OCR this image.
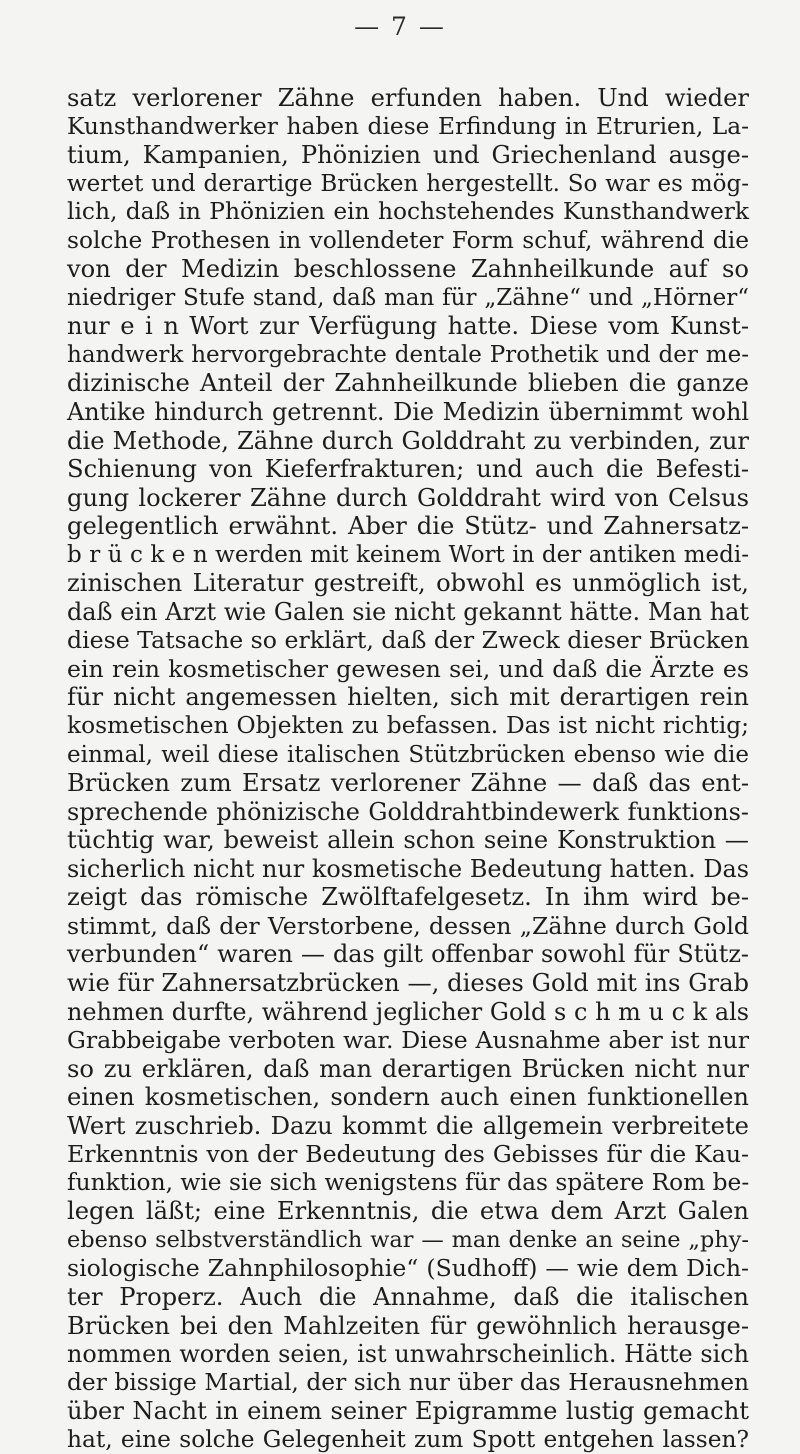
— 7 —
satz verlorener Zähne erfunden haben. Und wieder
Kunsthandwerker haben diese Erfindung in Etrurien, La-
tium, Kampanien, Phönizien und Griechenland ausge-
wertet und derartige Brücken hergestellt. So war es mög-
lich, daß in Phönizien ein hochstehendes Kunsthandwerk
solche Prothesen in vollendeter Form schuf, während die
von der Medizin beschlossene Zahnheilkunde auf so
niedriger Stufe stand, daß man für „Zähne“ und „Hörner“
nur e i n Wort zur Verfügung hatte. Diese vom Kunst-
handwerk hervorgebrachte dentale Prothetik und der me-
dizinische Anteil der Zahnheilkunde blieben die ganze
Antike hindurch getrennt. Die Medizin übernimmt wohl
die Methode, Zähne durch Golddraht zu verbinden, zur
Schienung von Kieferfrakturen; und auch die Befesti-
gung lockerer Zähne durch Golddraht wird von Celsus
gelegentlich erwähnt. Aber die Stütz- und Zahnersatz-
b r ü c k e n werden mit keinem Wort in der antiken medi-
zinischen Literatur gestreift, obwohl es unmöglich ist,
daß ein Arzt wie Galen sie nicht gekannt hätte. Man hat
diese Tatsache so erklärt, daß der Zweck dieser Brücken
ein rein kosmetischer gewesen sei, und daß die Ärzte es
für nicht angemessen hielten, sich mit derartigen rein
kosmetischen Objekten zu befassen. Das ist nicht richtig;
einmal, weil diese italischen Stützbrücken ebenso wie die
Brücken zum Ersatz verlorener Zähne — daß das ent-
sprechende phönizische Golddrahtbindewerk funktions-
tüchtig war, beweist allein schon seine Konstruktion —
sicherlich nicht nur kosmetische Bedeutung hatten. Das
zeigt das römische Zwölftafelgesetz. In ihm wird be-
stimmt, daß der Verstorbene, dessen „Zähne durch Gold
verbunden“ waren — das gilt offenbar sowohl für Stütz-
wie für Zahnersatzbrücken —, dieses Gold mit ins Grab
nehmen durfte, während jeglicher Gold s c h m u c k als
Grabbeigabe verboten war. Diese Ausnahme aber ist nur
so zu erklären, daß man derartigen Brücken nicht nur
einen kosmetischen, sondern auch einen funktionellen
Wert zuschrieb. Dazu kommt die allgemein verbreitete
Erkenntnis von der Bedeutung des Gebisses für die Kau-
funktion, wie sie sich wenigstens für das spätere Rom be-
legen läßt; eine Erkenntnis, die etwa dem Arzt Galen
ebenso selbstverständlich war — man denke an seine „phy-
siologische Zahnphilosophie“ (Sudhoff) — wie dem Dich-
ter Properz. Auch die Annahme, daß die italischen
Brücken bei den Mahlzeiten für gewöhnlich herausge-
nommen worden seien, ist unwahrscheinlich. Hätte sich
der bissige Martial, der sich nur über das Herausnehmen
über Nacht in einem seiner Epigramme lustig gemacht
hat, eine solche Gelegenheit zum Spott entgehen lassen?
